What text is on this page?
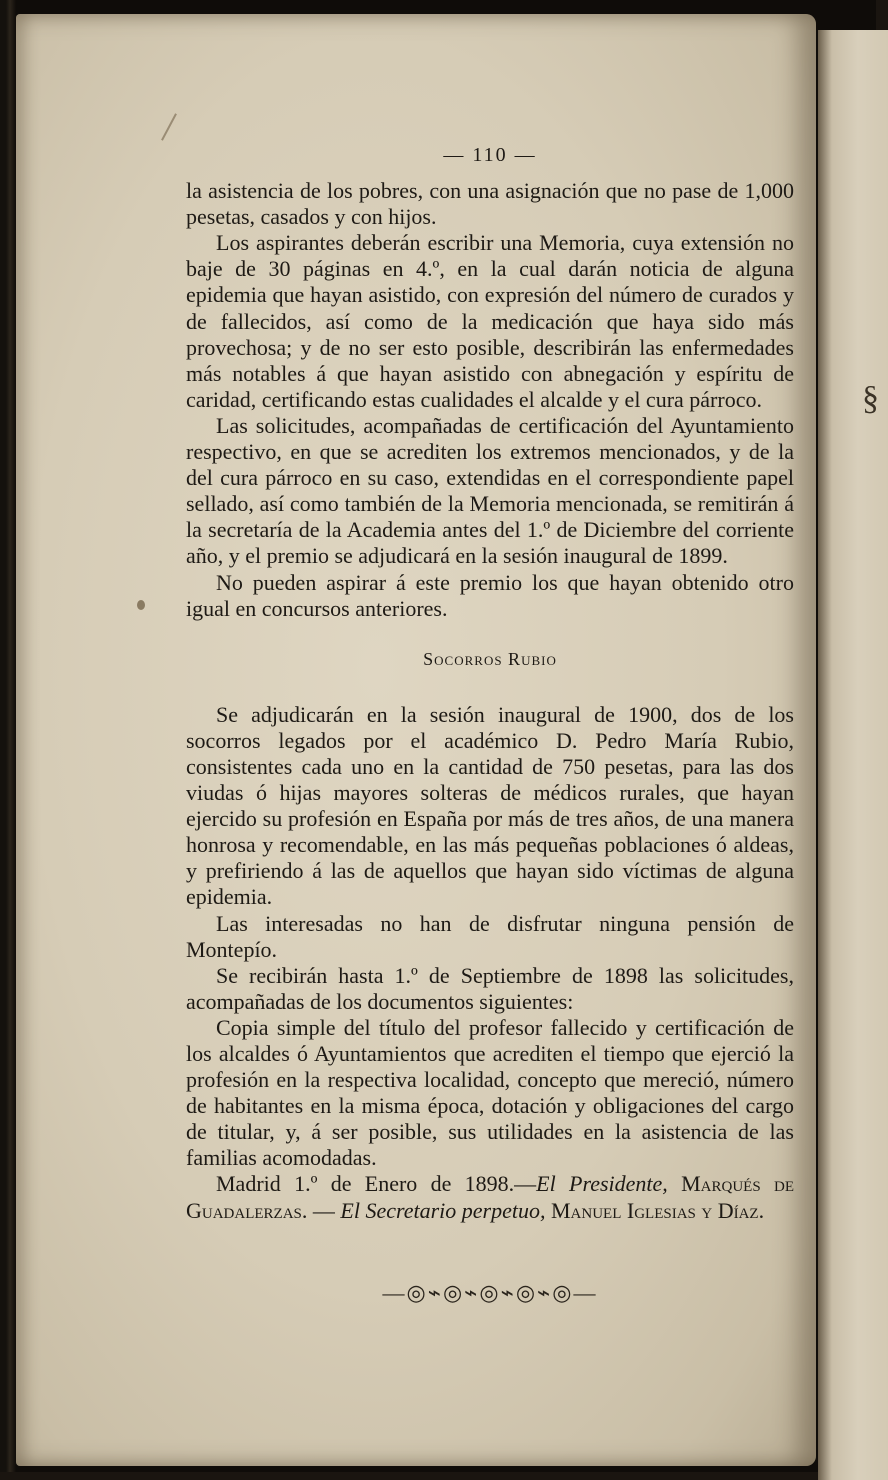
§
— 110 —

la asistencia de los pobres, con una asignación que no pase de 1,000 pesetas, casados y con hijos.

Los aspirantes deberán escribir una Memoria, cuya extensión no baje de 30 páginas en 4.º, en la cual darán noticia de alguna epidemia que hayan asistido, con expresión del número de curados y de fallecidos, así como de la medicación que haya sido más provechosa; y de no ser esto posible, describirán las enfermedades más notables á que hayan asistido con abnegación y espíritu de caridad, certificando estas cualidades el alcalde y el cura párroco.

Las solicitudes, acompañadas de certificación del Ayuntamiento respectivo, en que se acrediten los extremos mencionados, y de la del cura párroco en su caso, extendidas en el correspondiente papel sellado, así como también de la Memoria mencionada, se remitirán á la secretaría de la Academia antes del 1.º de Diciembre del corriente año, y el premio se adjudicará en la sesión inaugural de 1899.

No pueden aspirar á este premio los que hayan obtenido otro igual en concursos anteriores.

Socorros Rubio

Se adjudicarán en la sesión inaugural de 1900, dos de los socorros legados por el académico D. Pedro María Rubio, consistentes cada uno en la cantidad de 750 pesetas, para las dos viudas ó hijas mayores solteras de médicos rurales, que hayan ejercido su profesión en España por más de tres años, de una manera honrosa y recomendable, en las más pequeñas poblaciones ó aldeas, y prefiriendo á las de aquellos que hayan sido víctimas de alguna epidemia.

Las interesadas no han de disfrutar ninguna pensión de Montepío.

Se recibirán hasta 1.º de Septiembre de 1898 las solicitudes, acompañadas de los documentos siguientes:

Copia simple del título del profesor fallecido y certificación de los alcaldes ó Ayuntamientos que acrediten el tiempo que ejerció la profesión en la respectiva localidad, concepto que mereció, número de habitantes en la misma época, dotación y obligaciones del cargo de titular, y, á ser posible, sus utilidades en la asistencia de las familias acomodadas.

Madrid 1.º de Enero de 1898.—El Presidente, Marqués de Guadalerzas. — El Secretario perpetuo, Manuel Iglesias y Díaz.

—◎⌁◎⌁◎⌁◎⌁◎—
